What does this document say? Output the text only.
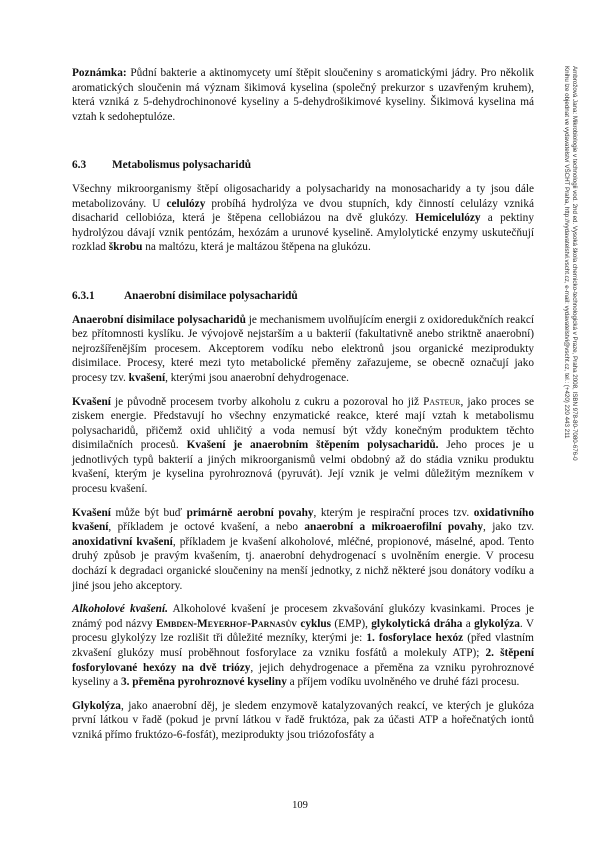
Poznámka: Půdní bakterie a aktinomycety umí štěpit sloučeniny s aromatickými jádry. Pro několik aromatických sloučenin má význam šikimová kyselina (společný prekurzor s uzavřeným kruhem), která vzniká z 5-dehydrochinonové kyseliny a 5-dehydrošikimové kyseliny. Šikimová kyselina má vztah k sedoheptulóze.

6.3 Metabolismus polysacharidů

Všechny mikroorganismy štěpí oligosacharidy a polysacharidy na monosacharidy a ty jsou dále metabolizovány. U celulózy probíhá hydrolýza ve dvou stupních, kdy činností celulázy vzniká disacharid cellobióza, která je štěpena cellobiázou na dvě glukózy. Hemicelulózy a pektiny hydrolýzou dávají vznik pentózám, hexózám a urunové kyselině. Amylolytické enzymy uskutečňují rozklad škrobu na maltózu, která je maltázou štěpena na glukózu.

6.3.1	Anaerobní disimilace polysacharidů

Anaerobní disimilace polysacharidů je mechanismem uvolňujícím energii z oxidoredukčních reakcí bez přítomnosti kyslíku. Je vývojově nejstarším a u bakterií (fakultativně anebo striktně anaerobní) nejrozšířenějším procesem. Akceptorem vodíku nebo elektronů jsou organické meziprodukty disimilace. Procesy, které mezi tyto metabolické přeměny zařazujeme, se obecně označují jako procesy tzv. kvašení, kterými jsou anaerobní dehydrogenace.

Kvašení je původně procesem tvorby alkoholu z cukru a pozoroval ho již Pasteur, jako proces se ziskem energie. Představují ho všechny enzymatické reakce, které mají vztah k metabolismu polysacharidů, přičemž oxid uhličitý a voda nemusí být vždy konečným produktem těchto disimilačních procesů. Kvašení je anaerobním štěpením polysacharidů. Jeho proces je u jednotlivých typů bakterií a jiných mikroorganismů velmi obdobný až do stádia vzniku produktu kvašení, kterým je kyselina pyrohroznová (pyruvát). Její vznik je velmi důležitým mezníkem v procesu kvašení.

Kvašení může být buď primárně aerobní povahy, kterým je respirační proces tzv. oxidativního kvašení, příkladem je octové kvašení, a nebo anaerobní a mikroaerofilní povahy, jako tzv. anoxidativní kvašení, příkladem je kvašení alkoholové, mléčné, propionové, máselné, apod. Tento druhý způsob je pravým kvašením, tj. anaerobní dehydrogenací s uvolněním energie. V procesu dochází k degradaci organické sloučeniny na menší jednotky, z nichž některé jsou donátory vodíku a jiné jsou jeho akceptory.

Alkoholové kvašení. Alkoholové kvašení je procesem zkvašování glukózy kvasinkami. Proces je známý pod názvy Embden-Meyerhof-Parnasův cyklus (EMP), glykolytická dráha a glykolýza. V procesu glykolýzy lze rozlišit tři důležité mezníky, kterými je: 1. fosforylace hexóz (před vlastním zkvašení glukózy musí proběhnout fosforylace za vzniku fosfátů a molekuly ATP); 2. štěpení fosforylované hexózy na dvě triózy, jejich dehydrogenace a přeměna za vzniku pyrohroznové kyseliny a 3. přeměna pyrohroznové kyseliny a příjem vodíku uvolněného ve druhé fázi procesu.

Glykolýza, jako anaerobní děj, je sledem enzymově katalyzovaných reakcí, ve kterých je glukóza první látkou v řadě (pokud je první látkou v řadě fruktóza, pak za účasti ATP a hořečnatých iontů vzniká přímo fruktózo-6-fosfát), meziprodukty jsou triózofosfáty a

109
Ambrožová Jana: Mikrobiologie v technologii vod. 2nd ed. Vysoká škola chemicko-technologická v Praze, Praha 2008, ISBN 978-80-7080-676-0
Knihu lze objednat ve vydavatelství VŠCHT Praha, http://vydavatelstvi.vscht.cz, e-mail: vydavatelstvi@vscht.cz, tel.: (+420) 220 443 211
